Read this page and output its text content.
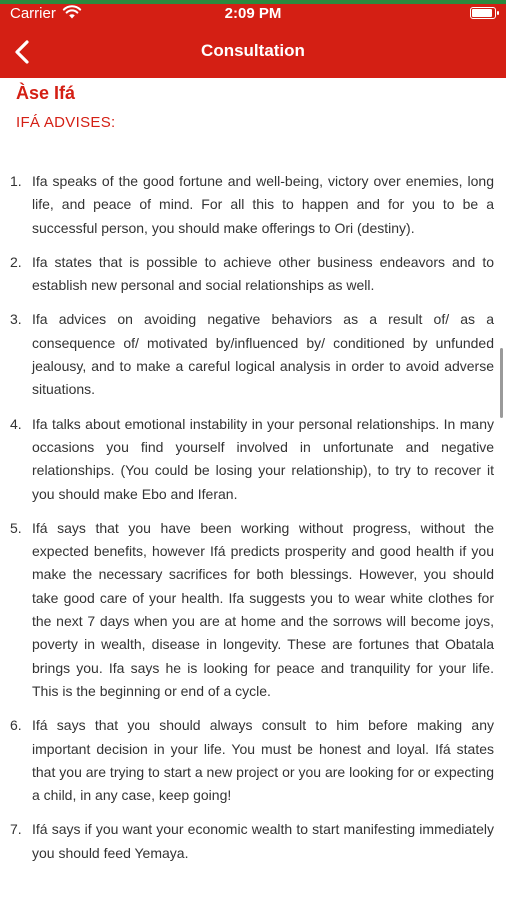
Carrier	2:09 PM
Consultation
Àse Ifá
IFÁ ADVISES:
1. Ifa speaks of the good fortune and well-being, victory over enemies, long life, and peace of mind. For all this to happen and for you to be a successful person, you should make offerings to Ori (destiny).
2. Ifa states that is possible to achieve other business endeavors and to establish new personal and social relationships as well.
3. Ifa advices on avoiding negative behaviors as a result of/ as a consequence of/ motivated by/influenced by/ conditioned by unfunded jealousy, and to make a careful logical analysis in order to avoid adverse situations.
4. Ifa talks about emotional instability in your personal relationships. In many occasions you find yourself involved in unfortunate and negative relationships. (You could be losing your relationship), to try to recover it you should make Ebo and Iferan.
5. Ifá says that you have been working without progress, without the expected benefits, however Ifá predicts prosperity and good health if you make the necessary sacrifices for both blessings. However, you should take good care of your health. Ifa suggests you to wear white clothes for the next 7 days when you are at home and the sorrows will become joys, poverty in wealth, disease in longevity. These are fortunes that Obatala brings you. Ifa says he is looking for peace and tranquility for your life. This is the beginning or end of a cycle.
6. Ifá says that you should always consult to him before making any important decision in your life. You must be honest and loyal. Ifá states that you are trying to start a new project or you are looking for or expecting a child, in any case, keep going!
7. Ifá says if you want your economic wealth to start manifesting immediately you should feed Yemaya.
